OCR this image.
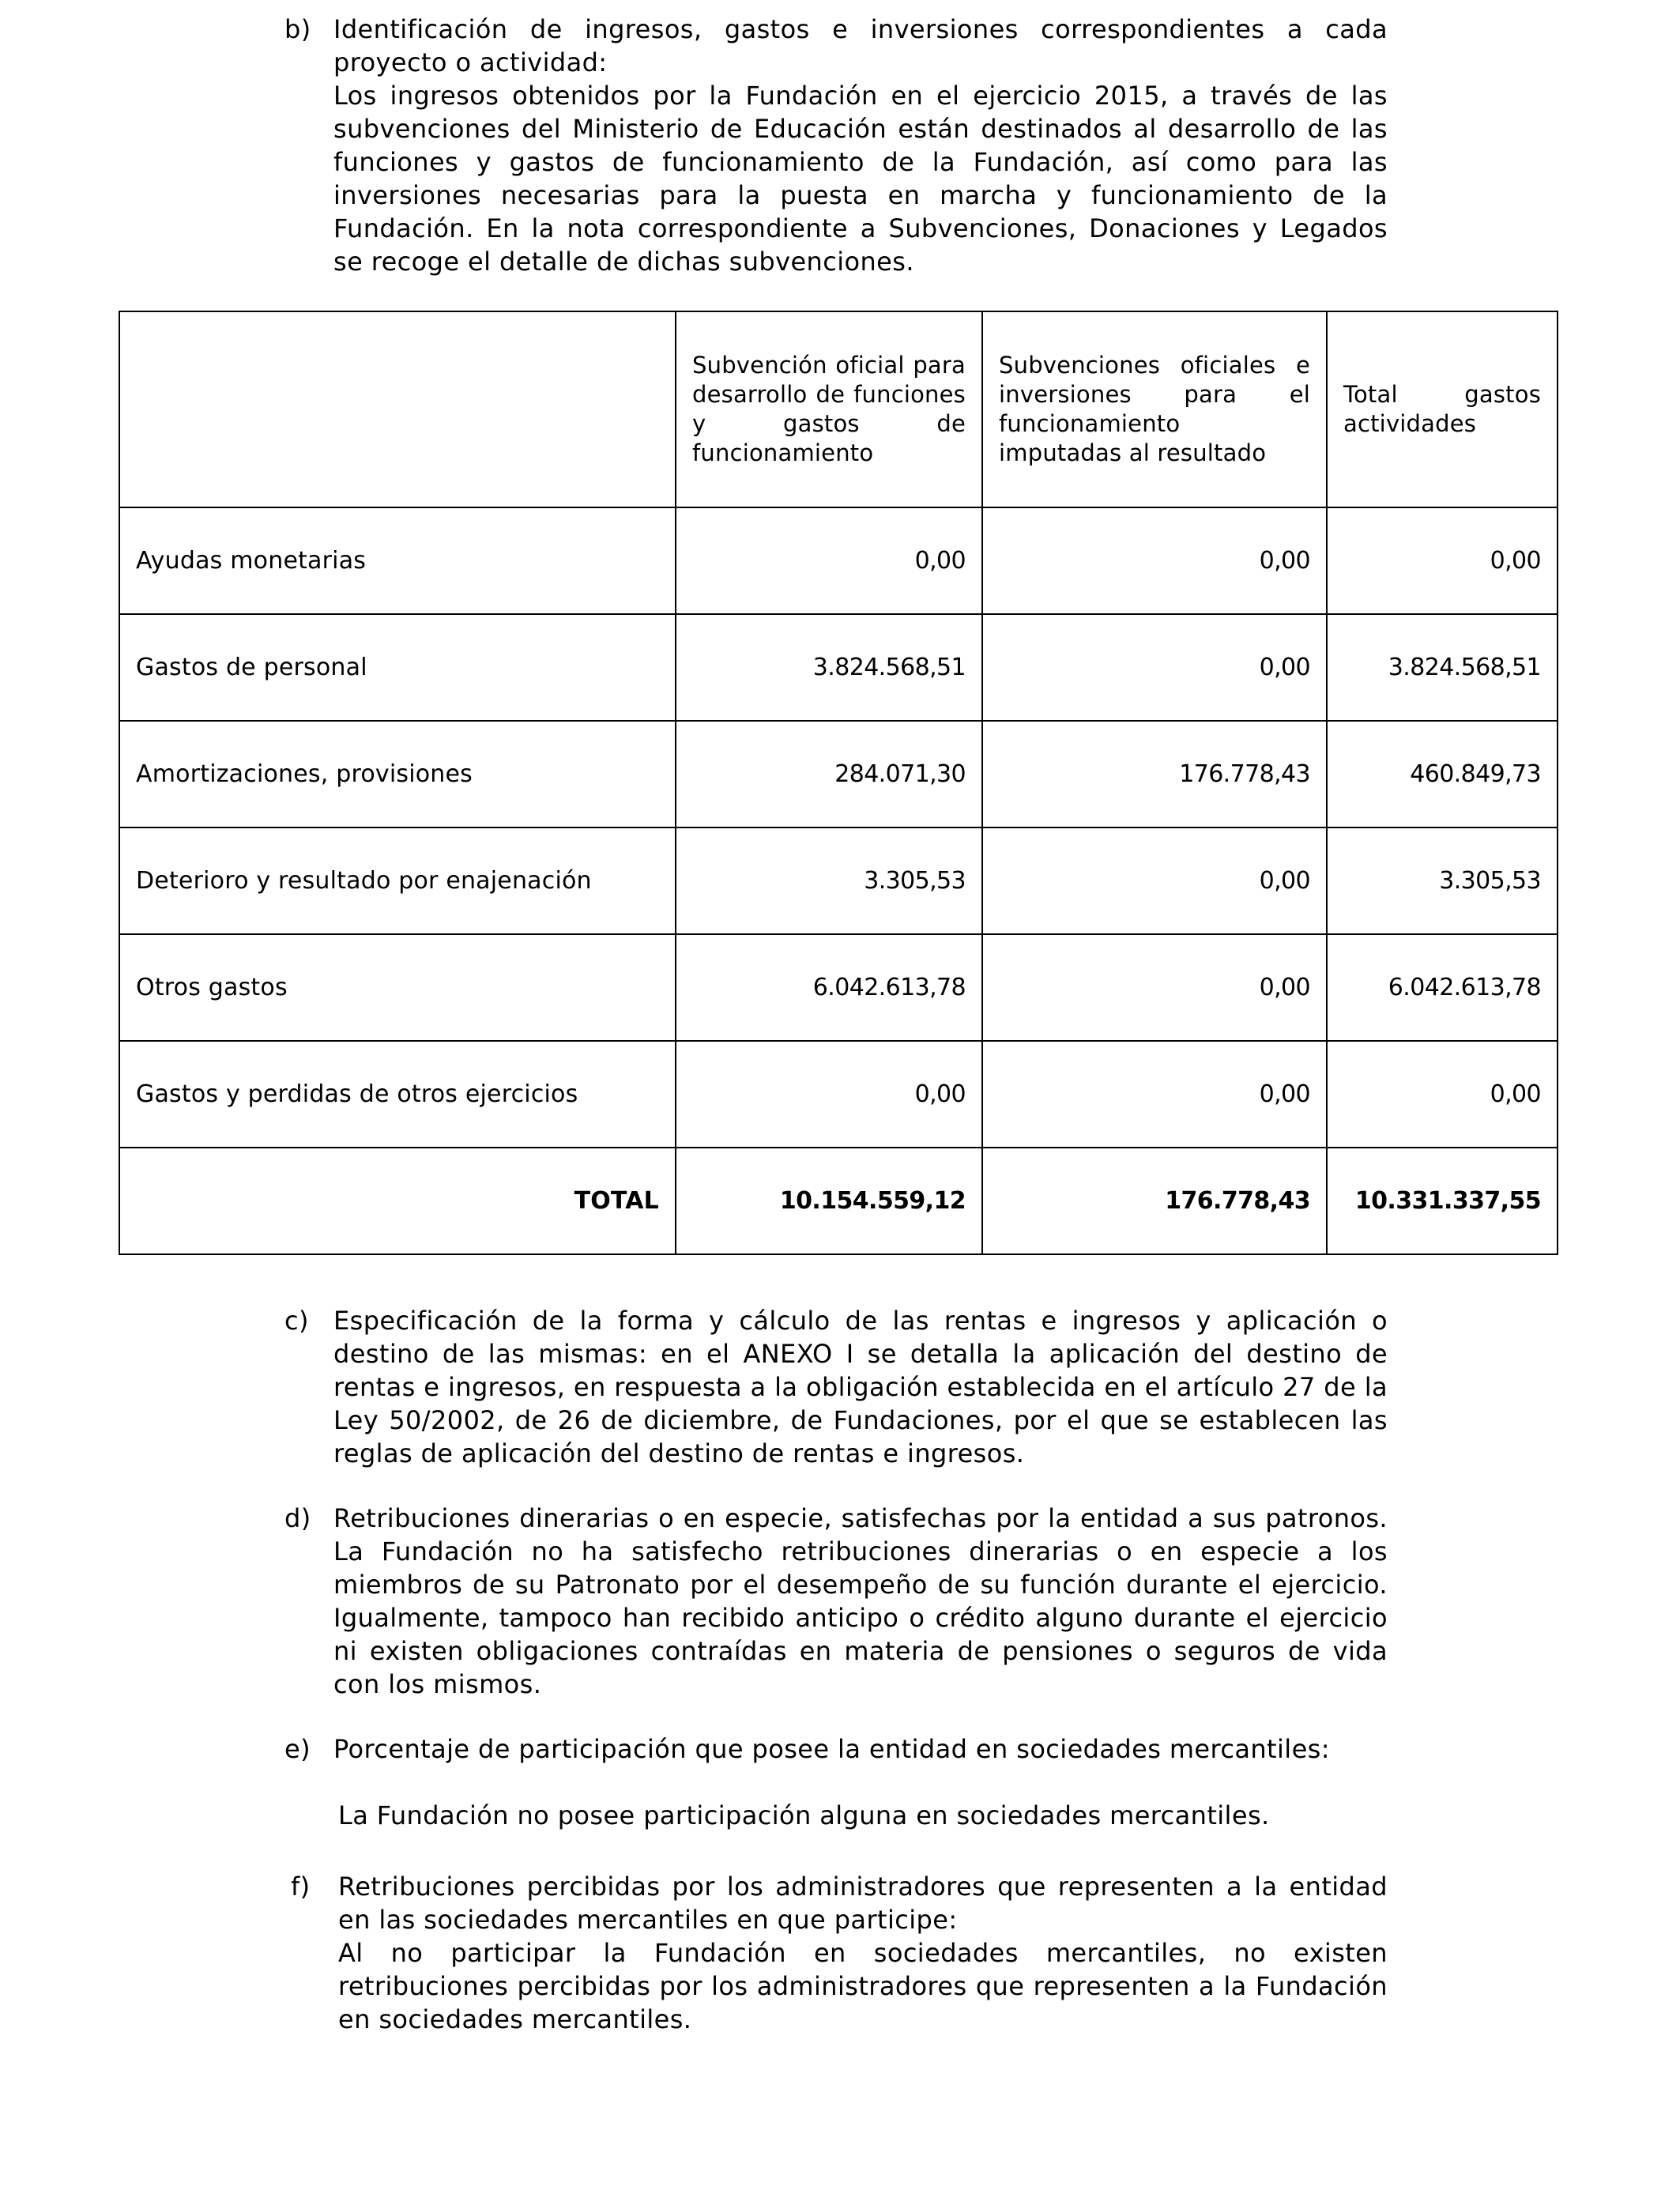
b) Identificación de ingresos, gastos e inversiones correspondientes a cada proyecto o actividad:
Los ingresos obtenidos por la Fundación en el ejercicio 2015, a través de las subvenciones del Ministerio de Educación están destinados al desarrollo de las funciones y gastos de funcionamiento de la Fundación, así como para las inversiones necesarias para la puesta en marcha y funcionamiento de la Fundación. En la nota correspondiente a Subvenciones, Donaciones y Legados se recoge el detalle de dichas subvenciones.
	Subvención oficial para desarrollo de funciones y gastos de funcionamiento	Subvenciones oficiales e inversiones para el funcionamiento imputadas al resultado	Total gastos actividades
Ayudas monetarias	0,00	0,00	0,00
Gastos de personal	3.824.568,51	0,00	3.824.568,51
Amortizaciones, provisiones	284.071,30	176.778,43	460.849,73
Deterioro y resultado por enajenación	3.305,53	0,00	3.305,53
Otros gastos	6.042.613,78	0,00	6.042.613,78
Gastos y perdidas de otros ejercicios	0,00	0,00	0,00
TOTAL	10.154.559,12	176.778,43	10.331.337,55
c) Especificación de la forma y cálculo de las rentas e ingresos y aplicación o destino de las mismas: en el ANEXO I se detalla la aplicación del destino de rentas e ingresos, en respuesta a la obligación establecida en el artículo 27 de la Ley 50/2002, de 26 de diciembre, de Fundaciones, por el que se establecen las reglas de aplicación del destino de rentas e ingresos.
d) Retribuciones dinerarias o en especie, satisfechas por la entidad a sus patronos. La Fundación no ha satisfecho retribuciones dinerarias o en especie a los miembros de su Patronato por el desempeño de su función durante el ejercicio. Igualmente, tampoco han recibido anticipo o crédito alguno durante el ejercicio ni existen obligaciones contraídas en materia de pensiones o seguros de vida con los mismos.
e) Porcentaje de participación que posee la entidad en sociedades mercantiles:
La Fundación no posee participación alguna en sociedades mercantiles.
f) Retribuciones percibidas por los administradores que representen a la entidad en las sociedades mercantiles en que participe:
Al no participar la Fundación en sociedades mercantiles, no existen retribuciones percibidas por los administradores que representen a la Fundación en sociedades mercantiles.
